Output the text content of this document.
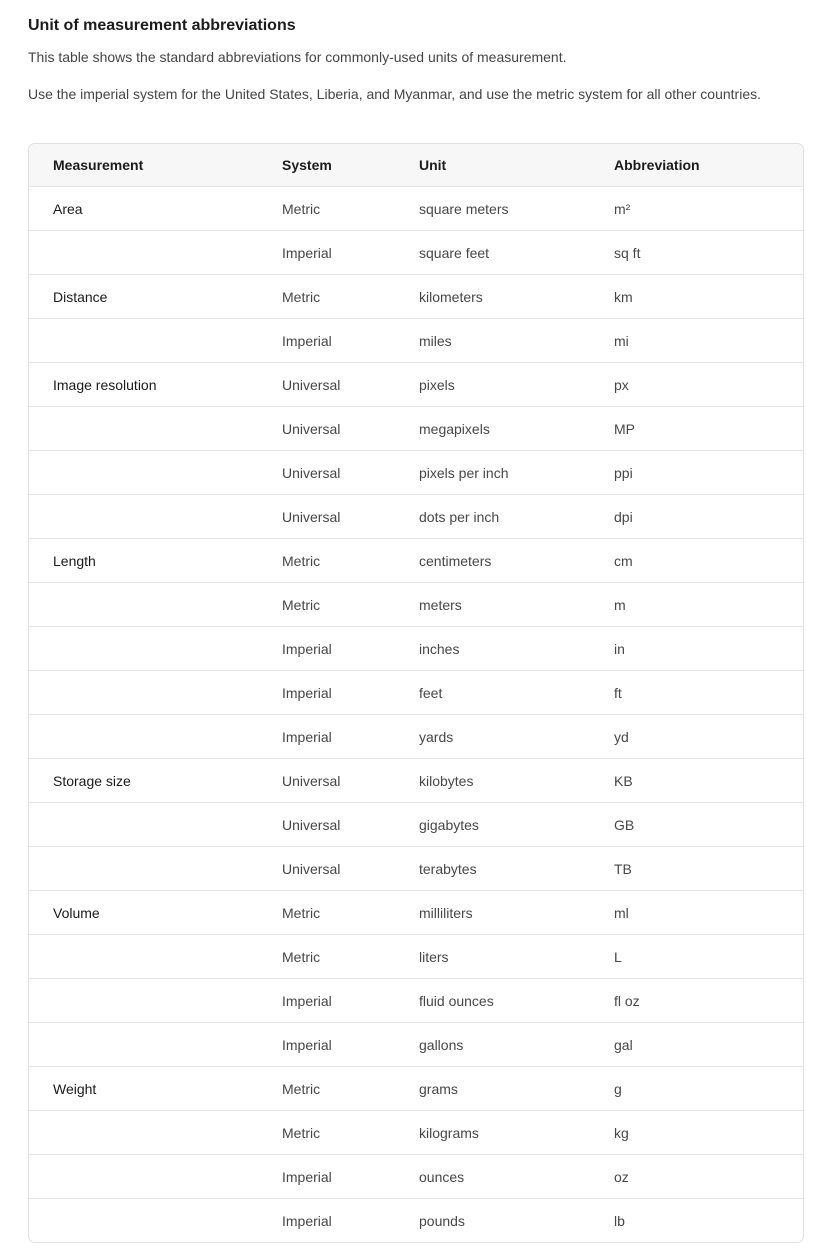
Unit of measurement abbreviations

This table shows the standard abbreviations for commonly-used units of measurement.

Use the imperial system for the United States, Liberia, and Myanmar, and use the metric system for all other countries.

Measurement	System	Unit	Abbreviation
Area	Metric	square meters	m²
	Imperial	square feet	sq ft
Distance	Metric	kilometers	km
	Imperial	miles	mi
Image resolution	Universal	pixels	px
	Universal	megapixels	MP
	Universal	pixels per inch	ppi
	Universal	dots per inch	dpi
Length	Metric	centimeters	cm
	Metric	meters	m
	Imperial	inches	in
	Imperial	feet	ft
	Imperial	yards	yd
Storage size	Universal	kilobytes	KB
	Universal	gigabytes	GB
	Universal	terabytes	TB
Volume	Metric	milliliters	ml
	Metric	liters	L
	Imperial	fluid ounces	fl oz
	Imperial	gallons	gal
Weight	Metric	grams	g
	Metric	kilograms	kg
	Imperial	ounces	oz
	Imperial	pounds	lb
